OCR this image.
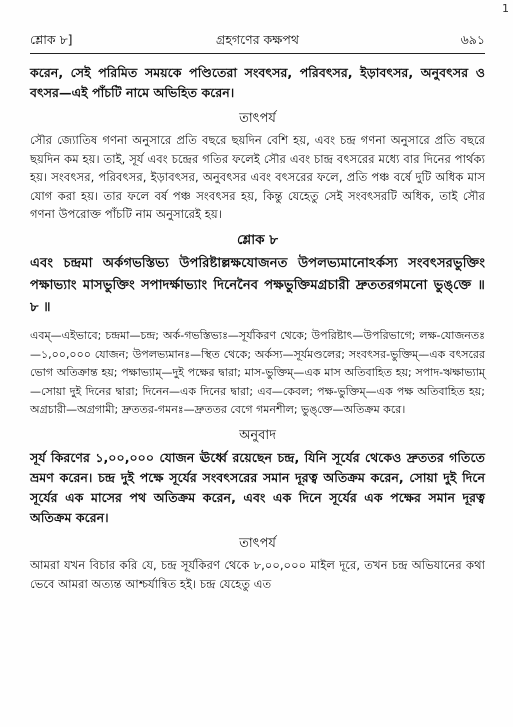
1
শ্লোক ৮]	গ্রহগণের কক্ষপথ	৬৯১

করেন, সেই পরিমিত সময়কে পণ্ডিতেরা সংবৎসর, পরিবৎসর, ইড়াবৎসর, অনুবৎসর ও বৎসর—এই পাঁচটি নামে অভিহিত করেন।

তাৎপর্য

সৌর জ্যোতিষ গণনা অনুসারে প্রতি বছরে ছয়দিন বেশি হয়, এবং চন্দ্র গণনা অনুসারে প্রতি বছরে ছয়দিন কম হয়। তাই, সূর্য এবং চন্দ্রের গতির ফলেই সৌর এবং চান্দ্র বৎসরের মধ্যে বার দিনের পার্থক্য হয়। সংবৎসর, পরিবৎসর, ইড়াবৎসর, অনুবৎসর এবং বৎসরের ফলে, প্রতি পঞ্চ বর্ষে দুটি অধিক মাস যোগ করা হয়। তার ফলে বর্ষ পঞ্চ সংবৎসর হয়, কিন্তু যেহেতু সেই সংবৎসরটি অধিক, তাই সৌর গণনা উপরোক্ত পাঁচটি নাম অনুসারেই হয়।

শ্লোক ৮

এবং চন্দ্রমা অর্কগভস্তিভ্য উপরিষ্টাল্লক্ষযোজনত উপলভ্যমানোঽর্কস্য সংবৎসরভুক্তিং পক্ষাভ্যাং মাসভুক্তিং সপাদর্ক্ষাভ্যাং দিনেনৈব পক্ষভুক্তিমগ্রচারী দ্রুততরগমনো ভুঙ্‌ক্তে ॥ ৮ ॥

এবম্—এইভাবে; চন্দ্রমা—চন্দ্র; অর্ক-গভস্তিভ্যঃ—সূর্যকিরণ থেকে; উপরিষ্টাৎ—উপরিভাগে; লক্ষ-যোজনতঃ—১,০০,০০০ যোজন; উপলভ্যমানঃ—স্থিত থেকে; অর্কস্য—সূর্যমণ্ডলের; সংবৎসর-ভুক্তিম্—এক বৎসরের ভোগ অতিক্রান্ত হয়; পক্ষাভ্যাম্—দুই পক্ষের দ্বারা; মাস-ভুক্তিম্—এক মাস অতিবাহিত হয়; সপাদ-ঋক্ষাভ্যাম্—সোয়া দুই দিনের দ্বারা; দিনেন—এক দিনের দ্বারা; এব—কেবল; পক্ষ-ভুক্তিম্—এক পক্ষ অতিবাহিত হয়; অগ্রচারী—অগ্রগামী; দ্রুততর-গমনঃ—দ্রুততর বেগে গমনশীল; ভুঙ্‌ক্তে—অতিক্রম করে।

অনুবাদ

সূর্য কিরণের ১,০০,০০০ যোজন ঊর্ধ্বে রয়েছেন চন্দ্র, যিনি সূর্যের থেকেও দ্রুততর গতিতে ভ্রমণ করেন। চন্দ্র দুই পক্ষে সূর্যের সংবৎসরের সমান দূরত্ব অতিক্রম করেন, সোয়া দুই দিনে সূর্যের এক মাসের পথ অতিক্রম করেন, এবং এক দিনে সূর্যের এক পক্ষের সমান দূরত্ব অতিক্রম করেন।

তাৎপর্য

আমরা যখন বিচার করি যে, চন্দ্র সূর্যকিরণ থেকে ৮,০০,০০০ মাইল দূরে, তখন চন্দ্র অভিযানের কথা ভেবে আমরা অত্যন্ত আশ্চর্যান্বিত হই। চন্দ্র যেহেতু এত
